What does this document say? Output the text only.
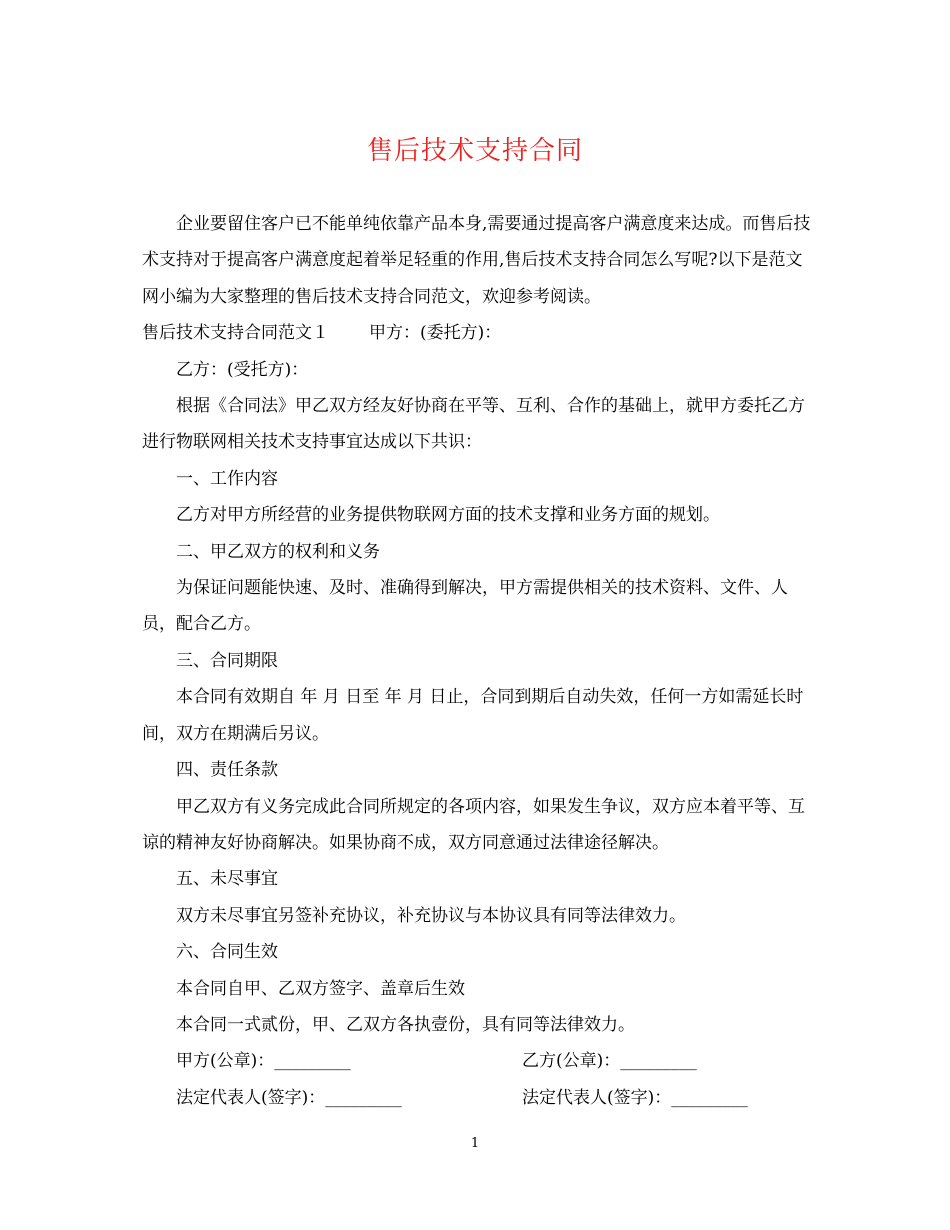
售后技术支持合同

企业要留住客户已不能单纯依靠产品本身,需要通过提高客户满意度来达成。而售后技术支持对于提高客户满意度起着举足轻重的作用,售后技术支持合同怎么写呢?以下是范文网小编为大家整理的售后技术支持合同范文，欢迎参考阅读。

售后技术支持合同范文１ 甲方：(委托方)：

乙方：(受托方)：

根据《合同法》甲乙双方经友好协商在平等、互利、合作的基础上，就甲方委托乙方进行物联网相关技术支持事宜达成以下共识：

一、工作内容

乙方对甲方所经营的业务提供物联网方面的技术支撑和业务方面的规划。

二、甲乙双方的权利和义务

为保证问题能快速、及时、准确得到解决，甲方需提供相关的技术资料、文件、人员，配合乙方。

三、合同期限

本合同有效期自 年 月 日至 年 月 日止，合同到期后自动失效，任何一方如需延长时间，双方在期满后另议。

四、责任条款

甲乙双方有义务完成此合同所规定的各项内容，如果发生争议，双方应本着平等、互谅的精神友好协商解决。如果协商不成，双方同意通过法律途径解决。

五、未尽事宜

双方未尽事宜另签补充协议，补充协议与本协议具有同等法律效力。

六、合同生效

本合同自甲、乙双方签字、盖章后生效

本合同一式贰份，甲、乙双方各执壹份，具有同等法律效力。

甲方(公章)：_________	乙方(公章)：_________
法定代表人(签字)：_________	法定代表人(签字)：_________
1
